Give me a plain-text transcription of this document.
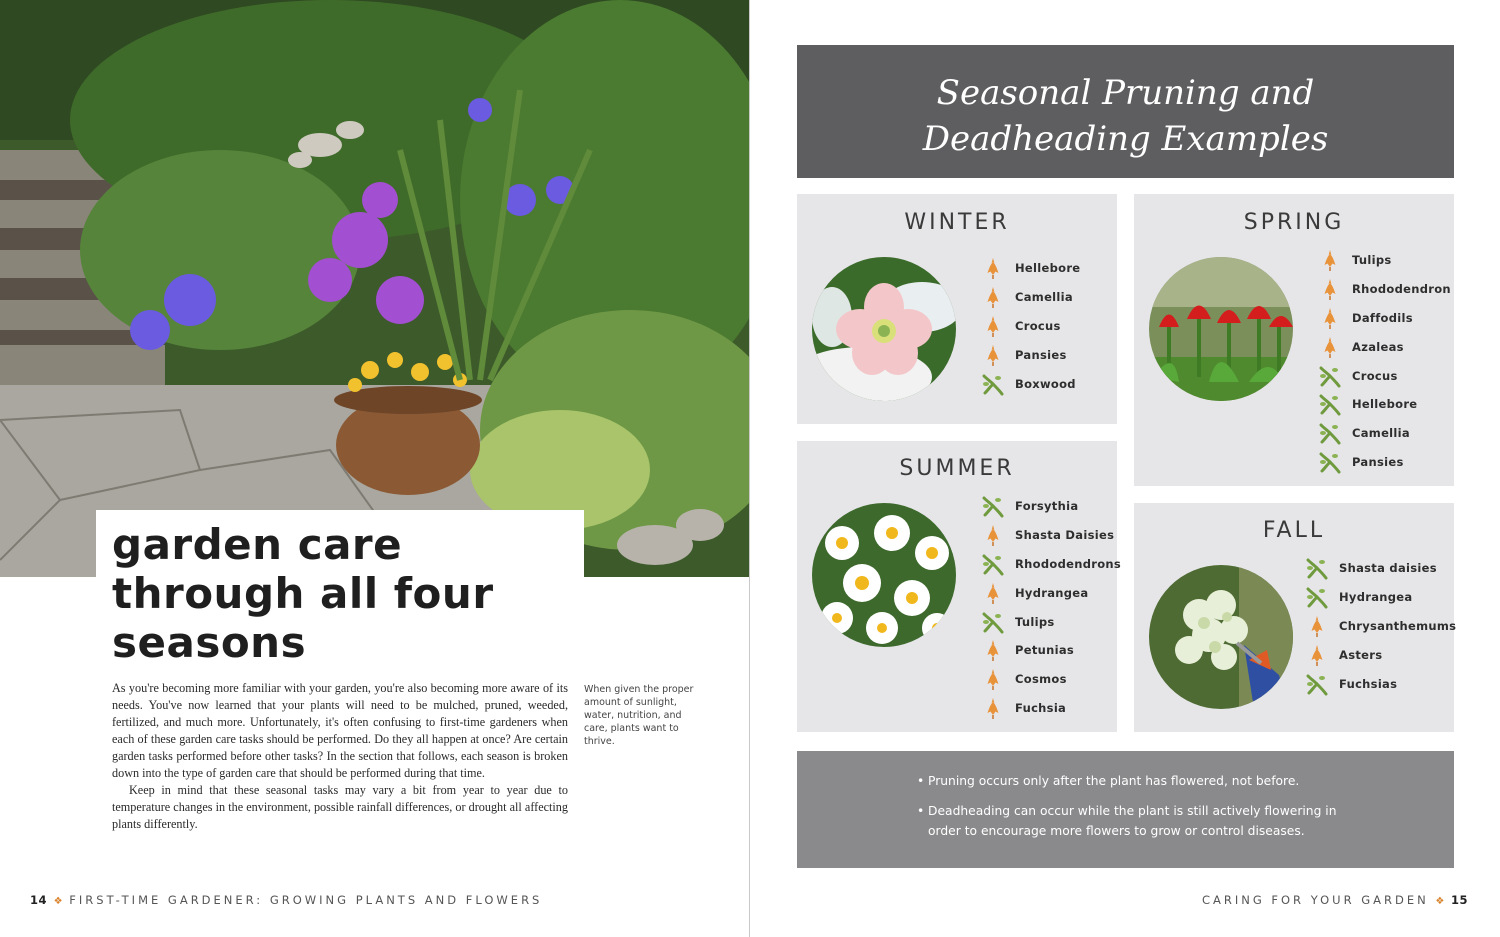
garden care through all four seasons

As you're becoming more familiar with your garden, you're also becoming more aware of its needs. You've now learned that your plants will need to be mulched, pruned, weeded, fertilized, and much more. Unfortunately, it's often confusing to first-time gardeners when each of these garden care tasks should be performed. Do they all happen at once? Are certain garden tasks performed before other tasks? In the section that follows, each season is broken down into the type of garden care that should be performed during that time.

Keep in mind that these seasonal tasks may vary a bit from year to year due to temperature changes in the environment, possible rainfall differences, or drought all affecting plants differently.

When given the proper amount of sunlight, water, nutrition, and care, plants want to thrive.
14 ❖ FIRST-TIME GARDENER: GROWING PLANTS AND FLOWERS
Seasonal Pruning and Deadheading Examples
WINTER
Hellebore
Camellia
Crocus
Pansies
Boxwood
SPRING
Tulips
Rhododendron
Daffodils
Azaleas
Crocus
Hellebore
Camellia
Pansies
SUMMER
Forsythia
Shasta Daisies
Rhododendrons
Hydrangea
Tulips
Petunias
Cosmos
Fuchsia
FALL
Shasta daisies
Hydrangea
Chrysanthemums
Asters
Fuchsias
• Pruning occurs only after the plant has flowered, not before.
• Deadheading can occur while the plant is still actively flowering in order to encourage more flowers to grow or control diseases.
CARING FOR YOUR GARDEN ❖ 15
